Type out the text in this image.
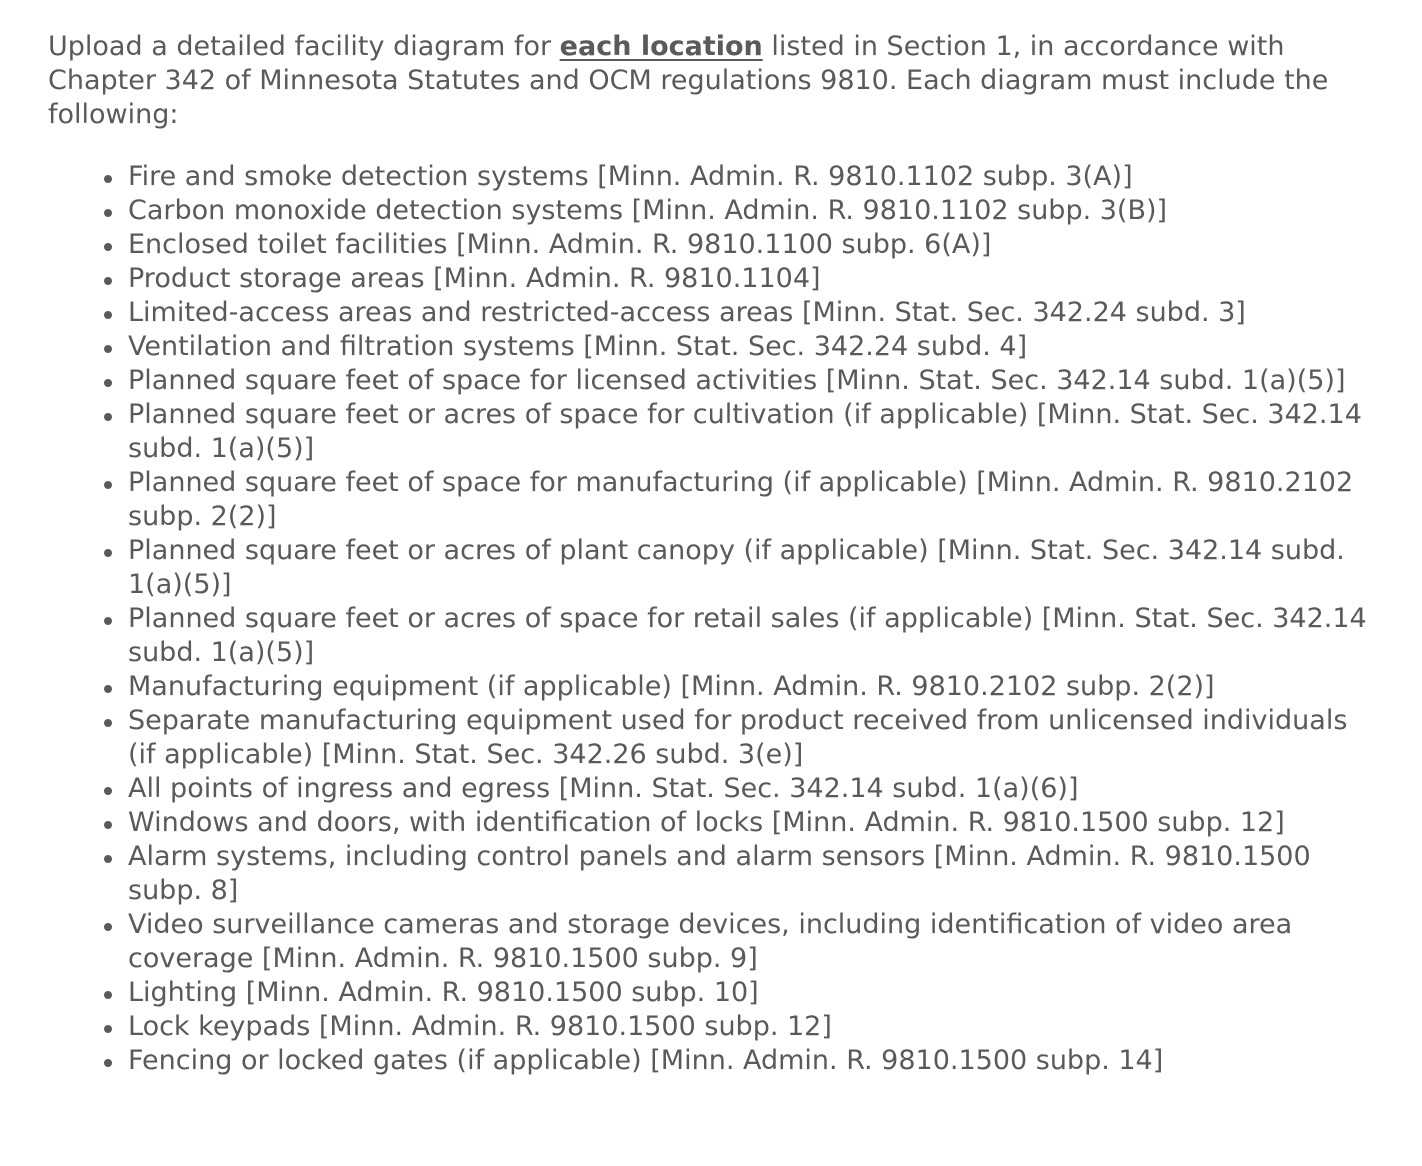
Upload a detailed facility diagram for each location listed in Section 1, in accordance with Chapter 342 of Minnesota Statutes and OCM regulations 9810. Each diagram must include the following:

Fire and smoke detection systems [Minn. Admin. R. 9810.1102 subp. 3(A)]
Carbon monoxide detection systems [Minn. Admin. R. 9810.1102 subp. 3(B)]
Enclosed toilet facilities [Minn. Admin. R. 9810.1100 subp. 6(A)]
Product storage areas [Minn. Admin. R. 9810.1104]
Limited-access areas and restricted-access areas [Minn. Stat. Sec. 342.24 subd. 3]
Ventilation and filtration systems [Minn. Stat. Sec. 342.24 subd. 4]
Planned square feet of space for licensed activities [Minn. Stat. Sec. 342.14 subd. 1(a)(5)]
Planned square feet or acres of space for cultivation (if applicable) [Minn. Stat. Sec. 342.14 subd. 1(a)(5)]
Planned square feet of space for manufacturing (if applicable) [Minn. Admin. R. 9810.2102 subp. 2(2)]
Planned square feet or acres of plant canopy (if applicable) [Minn. Stat. Sec. 342.14 subd. 1(a)(5)]
Planned square feet or acres of space for retail sales (if applicable) [Minn. Stat. Sec. 342.14 subd. 1(a)(5)]
Manufacturing equipment (if applicable) [Minn. Admin. R. 9810.2102 subp. 2(2)]
Separate manufacturing equipment used for product received from unlicensed individuals (if applicable) [Minn. Stat. Sec. 342.26 subd. 3(e)]
All points of ingress and egress [Minn. Stat. Sec. 342.14 subd. 1(a)(6)]
Windows and doors, with identification of locks [Minn. Admin. R. 9810.1500 subp. 12]
Alarm systems, including control panels and alarm sensors [Minn. Admin. R. 9810.1500 subp. 8]
Video surveillance cameras and storage devices, including identification of video area coverage [Minn. Admin. R. 9810.1500 subp. 9]
Lighting [Minn. Admin. R. 9810.1500 subp. 10]
Lock keypads [Minn. Admin. R. 9810.1500 subp. 12]
Fencing or locked gates (if applicable) [Minn. Admin. R. 9810.1500 subp. 14]
